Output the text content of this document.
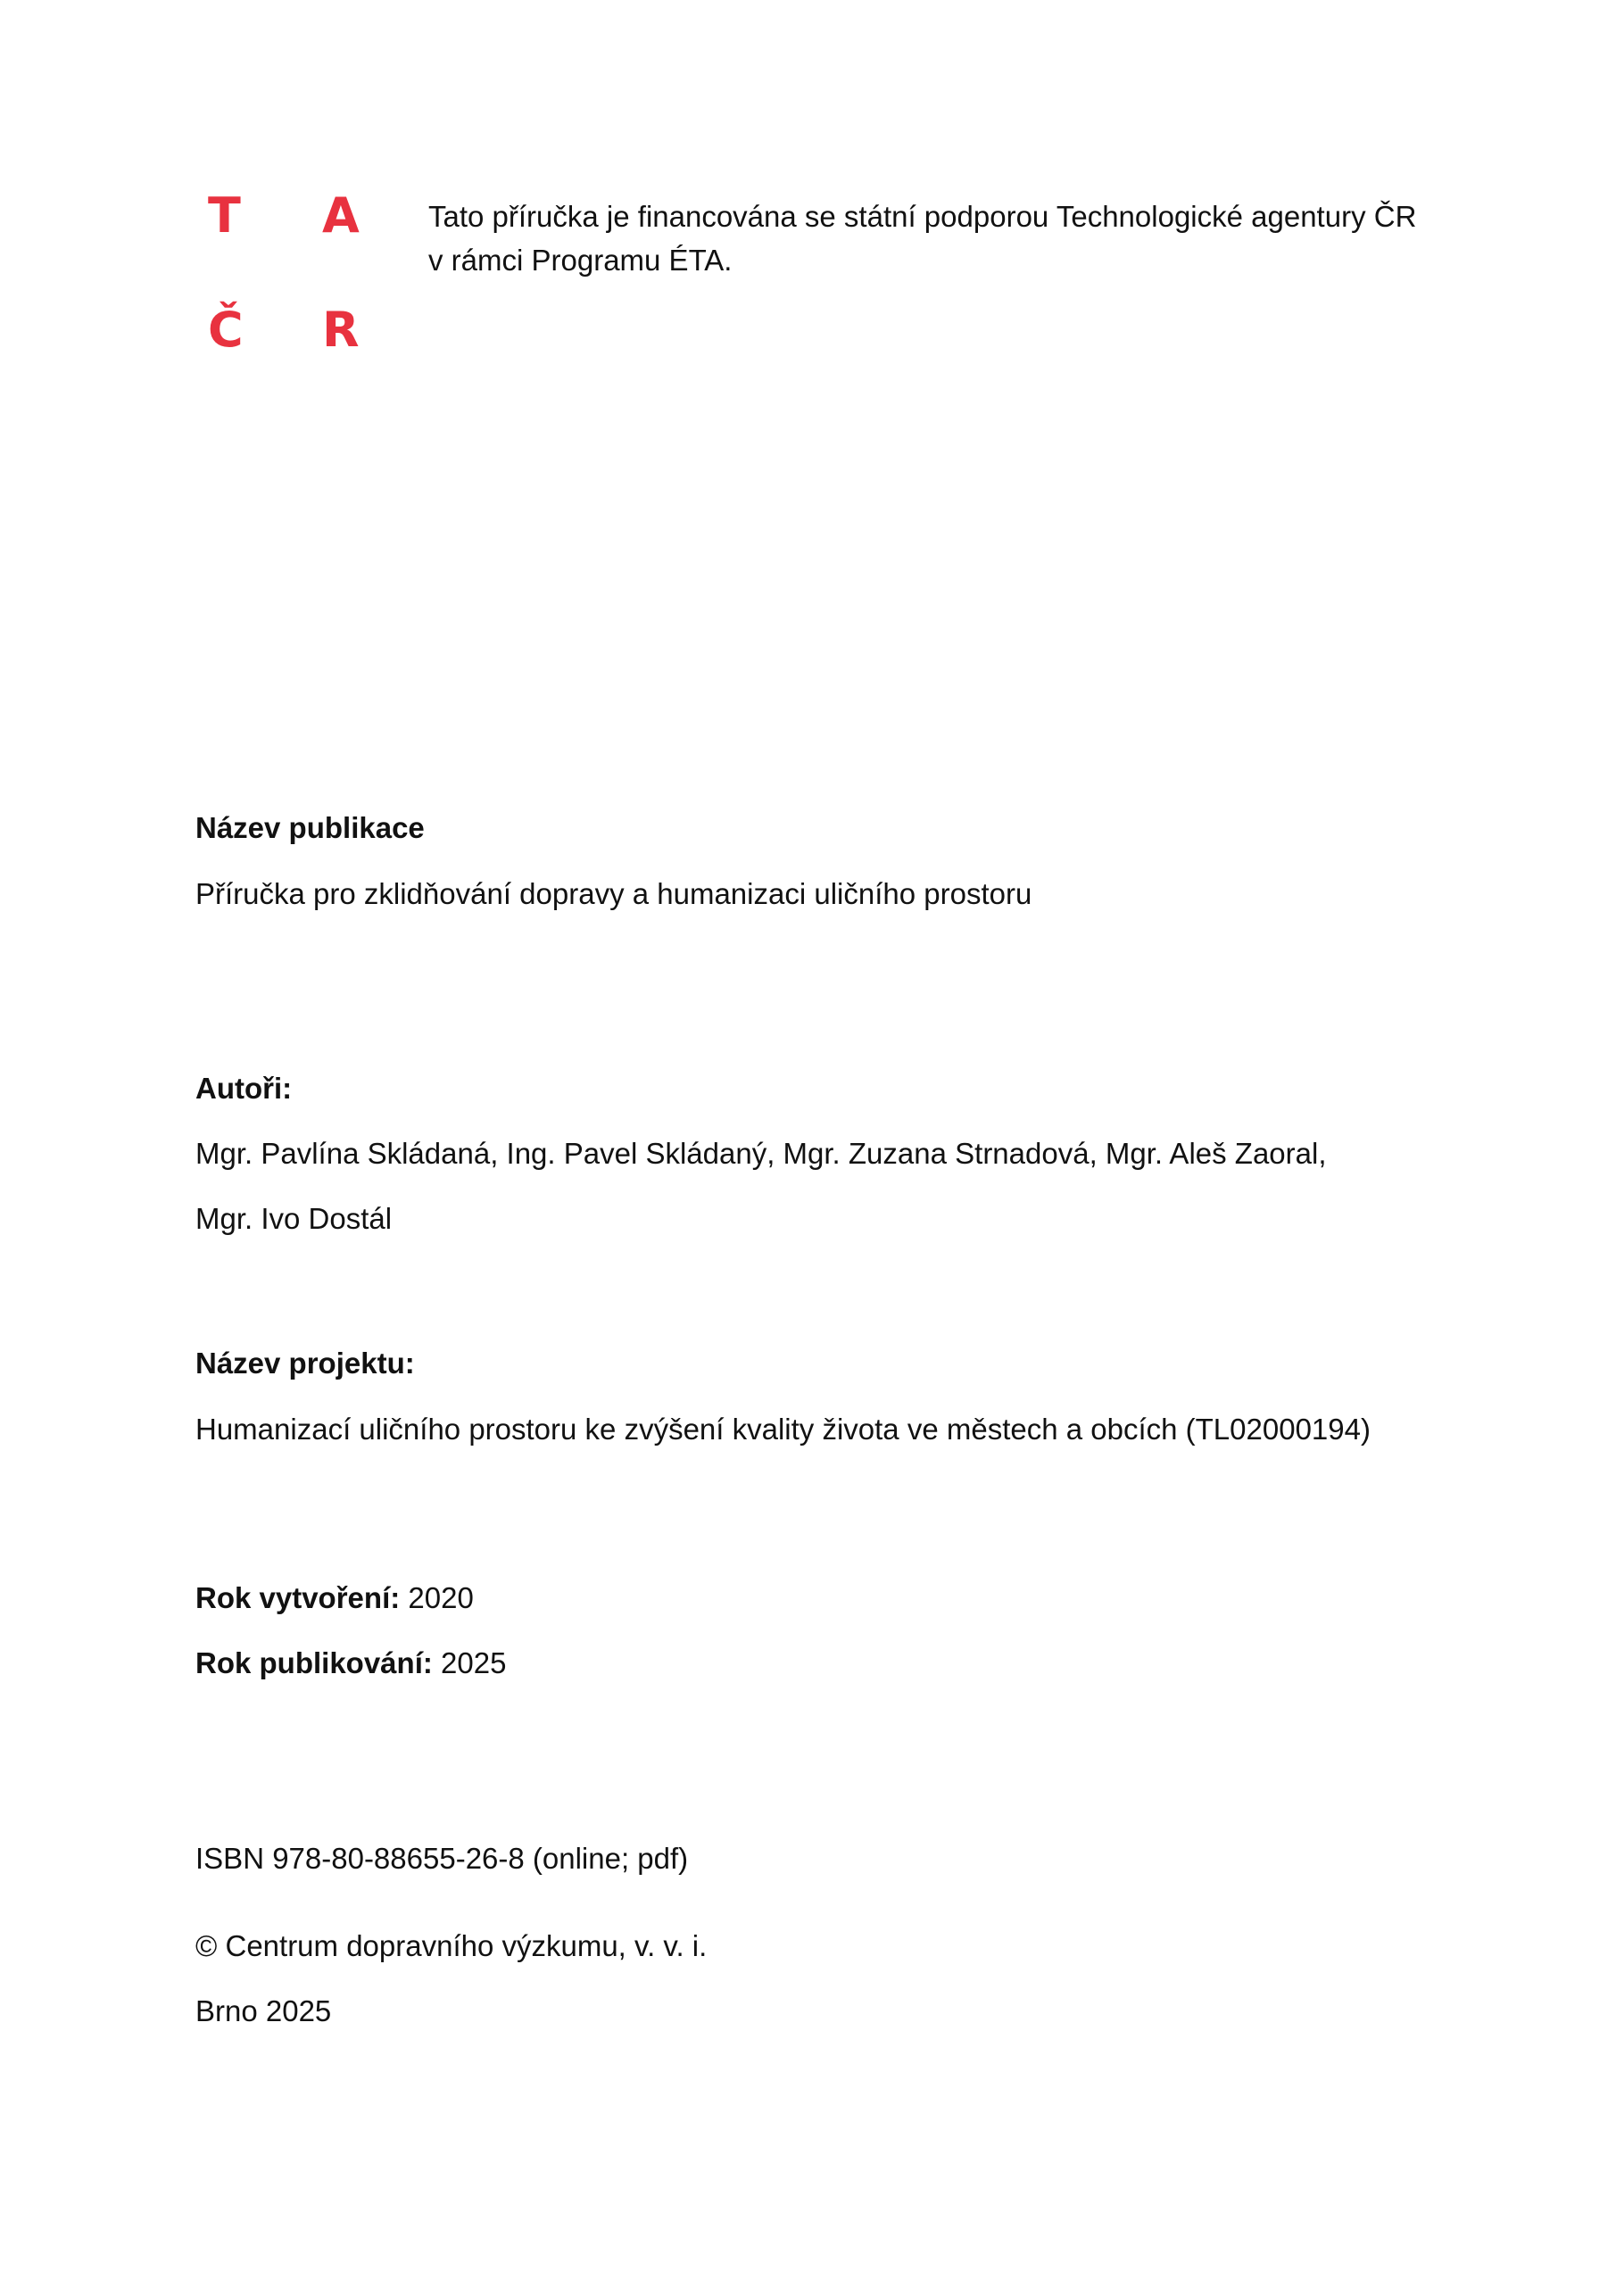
T A
Č R

Tato příručka je financována se státní podporou Technologické agentury ČR

v rámci Programu ÉTA.

Název publikace
Příručka pro zklidňování dopravy a humanizaci uličního prostoru
Autoři:
Mgr. Pavlína Skládaná, Ing. Pavel Skládaný, Mgr. Zuzana Strnadová, Mgr. Aleš Zaoral,
Mgr. Ivo Dostál
Název projektu:
Humanizací uličního prostoru ke zvýšení kvality života ve městech a obcích (TL02000194)
Rok vytvoření: 2020
Rok publikování: 2025
ISBN 978-80-88655-26-8 (online; pdf)
© Centrum dopravního výzkumu, v. v. i.
Brno 2025
